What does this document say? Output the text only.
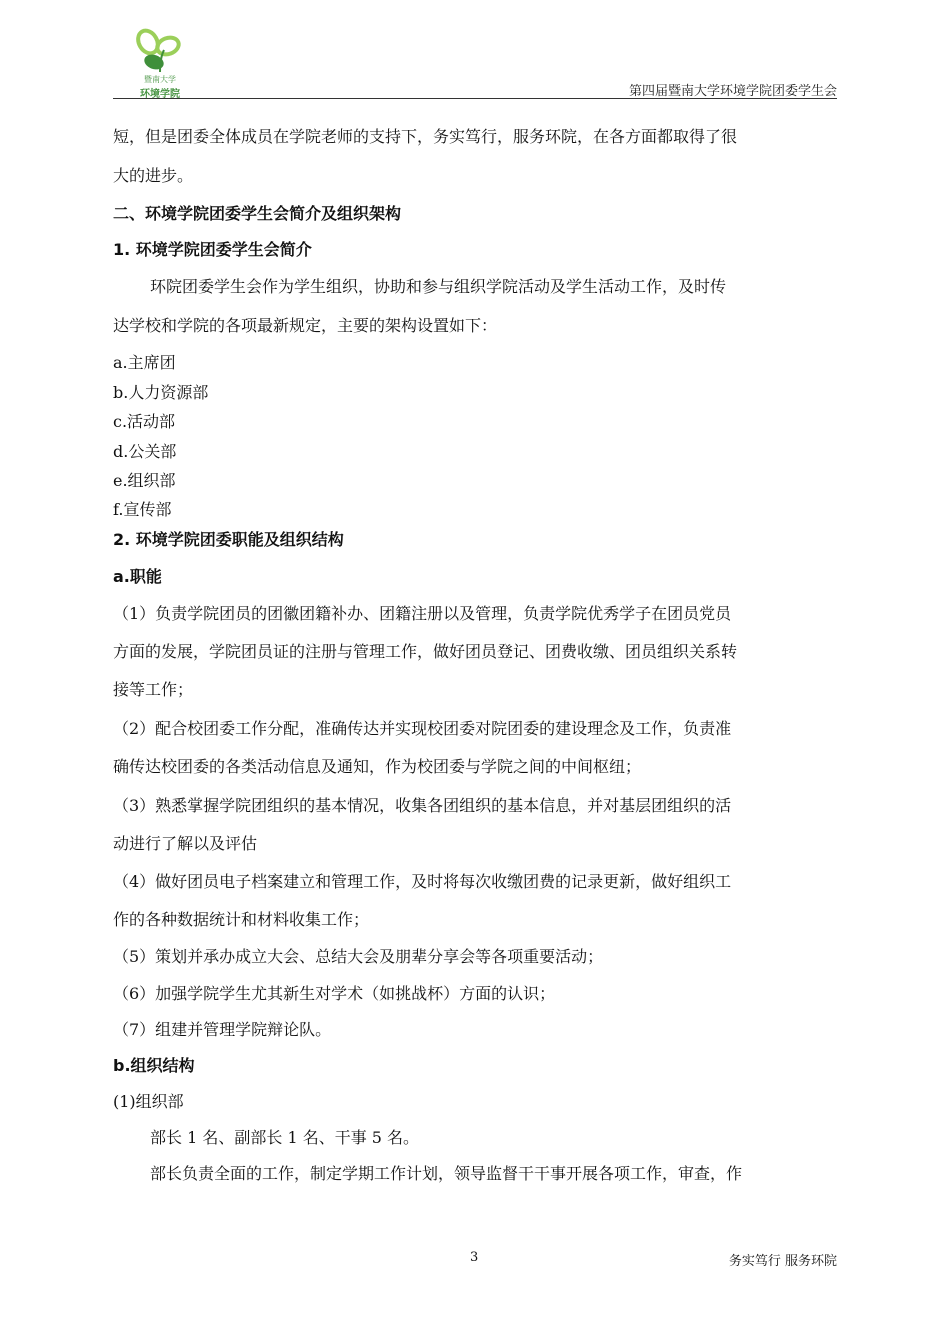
暨南大学
环境学院	第四届暨南大学环境学院团委学生会
短，但是团委全体成员在学院老师的支持下，务实笃行，服务环院，在各方面都取得了很
大的进步。
二、环境学院团委学生会简介及组织架构
1. 环境学院团委学生会简介
环院团委学生会作为学生组织，协助和参与组织学院活动及学生活动工作，及时传
达学校和学院的各项最新规定，主要的架构设置如下：
a.主席团
b.人力资源部
c.活动部
d.公关部
e.组织部
f.宣传部
2. 环境学院团委职能及组织结构
a.职能
（1）负责学院团员的团徽团籍补办、团籍注册以及管理，负责学院优秀学子在团员党员
方面的发展，学院团员证的注册与管理工作，做好团员登记、团费收缴、团员组织关系转
接等工作；
（2）配合校团委工作分配，准确传达并实现校团委对院团委的建设理念及工作，负责准
确传达校团委的各类活动信息及通知，作为校团委与学院之间的中间枢纽；
（3）熟悉掌握学院团组织的基本情况，收集各团组织的基本信息，并对基层团组织的活
动进行了解以及评估
（4）做好团员电子档案建立和管理工作，及时将每次收缴团费的记录更新，做好组织工
作的各种数据统计和材料收集工作；
（5）策划并承办成立大会、总结大会及朋辈分享会等各项重要活动；
（6）加强学院学生尤其新生对学术（如挑战杯）方面的认识；
（7）组建并管理学院辩论队。
b.组织结构
(1)组织部
部长 1 名、副部长 1 名、干事 5 名。
部长负责全面的工作，制定学期工作计划，领导监督干干事开展各项工作，审查，作
3	务实笃行 服务环院
